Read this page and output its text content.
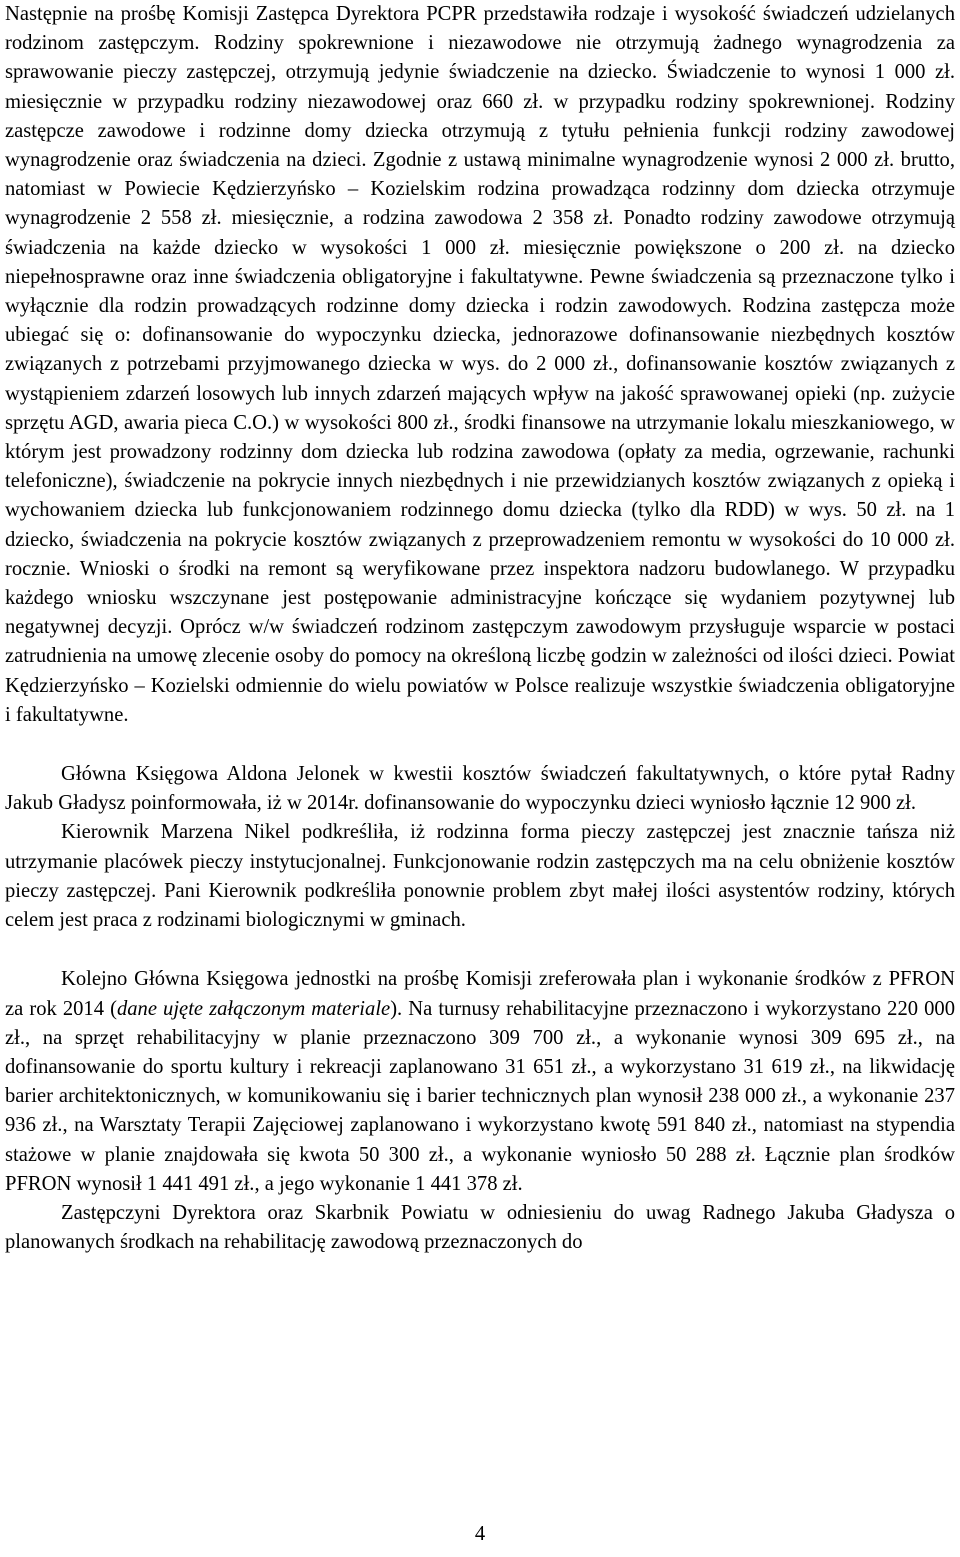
Następnie na prośbę Komisji Zastępca Dyrektora PCPR przedstawiła rodzaje i wysokość świadczeń udzielanych rodzinom zastępczym. Rodziny spokrewnione i niezawodowe nie otrzymują żadnego wynagrodzenia za sprawowanie pieczy zastępczej, otrzymują jedynie świadczenie na dziecko. Świadczenie to wynosi 1 000 zł. miesięcznie w przypadku rodziny niezawodowej oraz 660 zł. w przypadku rodziny spokrewnionej. Rodziny zastępcze zawodowe i rodzinne domy dziecka otrzymują z tytułu pełnienia funkcji rodziny zawodowej wynagrodzenie oraz świadczenia na dzieci. Zgodnie z ustawą minimalne wynagrodzenie wynosi 2 000 zł. brutto, natomiast w Powiecie Kędzierzyńsko – Kozielskim rodzina prowadząca rodzinny dom dziecka otrzymuje wynagrodzenie 2 558 zł. miesięcznie, a rodzina zawodowa 2 358 zł. Ponadto rodziny zawodowe otrzymują świadczenia na każde dziecko w wysokości 1 000 zł. miesięcznie powiększone o 200 zł. na dziecko niepełnosprawne oraz inne świadczenia obligatoryjne i fakultatywne. Pewne świadczenia są przeznaczone tylko i wyłącznie dla rodzin prowadzących rodzinne domy dziecka i rodzin zawodowych. Rodzina zastępcza może ubiegać się o: dofinansowanie do wypoczynku dziecka, jednorazowe dofinansowanie niezbędnych kosztów związanych z potrzebami przyjmowanego dziecka w wys. do 2 000 zł., dofinansowanie kosztów związanych z wystąpieniem zdarzeń losowych lub innych zdarzeń mających wpływ na jakość sprawowanej opieki (np. zużycie sprzętu AGD, awaria pieca C.O.) w wysokości 800 zł., środki finansowe na utrzymanie lokalu mieszkaniowego, w którym jest prowadzony rodzinny dom dziecka lub rodzina zawodowa (opłaty za media, ogrzewanie, rachunki telefoniczne), świadczenie na pokrycie innych niezbędnych i nie przewidzianych kosztów związanych z opieką i wychowaniem dziecka lub funkcjonowaniem rodzinnego domu dziecka (tylko dla RDD) w wys. 50 zł. na 1 dziecko, świadczenia na pokrycie kosztów związanych z przeprowadzeniem remontu w wysokości do 10 000 zł. rocznie. Wnioski o środki na remont są weryfikowane przez inspektora nadzoru budowlanego. W przypadku każdego wniosku wszczynane jest postępowanie administracyjne kończące się wydaniem pozytywnej lub negatywnej decyzji. Oprócz w/w świadczeń rodzinom zastępczym zawodowym przysługuje wsparcie w postaci zatrudnienia na umowę zlecenie osoby do pomocy na określoną liczbę godzin w zależności od ilości dzieci. Powiat Kędzierzyńsko – Kozielski odmiennie do wielu powiatów w Polsce realizuje wszystkie świadczenia obligatoryjne i fakultatywne.

Główna Księgowa Aldona Jelonek w kwestii kosztów świadczeń fakultatywnych, o które pytał Radny Jakub Gładysz poinformowała, iż w 2014r. dofinansowanie do wypoczynku dzieci wyniosło łącznie 12 900 zł.

Kierownik Marzena Nikel podkreśliła, iż rodzinna forma pieczy zastępczej jest znacznie tańsza niż utrzymanie placówek pieczy instytucjonalnej. Funkcjonowanie rodzin zastępczych ma na celu obniżenie kosztów pieczy zastępczej. Pani Kierownik podkreśliła ponownie problem zbyt małej ilości asystentów rodziny, których celem jest praca z rodzinami biologicznymi w gminach.

Kolejno Główna Księgowa jednostki na prośbę Komisji zreferowała plan i wykonanie środków z PFRON za rok 2014 (dane ujęte załączonym materiale). Na turnusy rehabilitacyjne przeznaczono i wykorzystano 220 000 zł., na sprzęt rehabilitacyjny w planie przeznaczono 309 700 zł., a wykonanie wynosi 309 695 zł., na dofinansowanie do sportu kultury i rekreacji zaplanowano 31 651 zł., a wykorzystano 31 619 zł., na likwidację barier architektonicznych, w komunikowaniu się i barier technicznych plan wynosił 238 000 zł., a wykonanie 237 936 zł., na Warsztaty Terapii Zajęciowej zaplanowano i wykorzystano kwotę 591 840 zł., natomiast na stypendia stażowe w planie znajdowała się kwota 50 300 zł., a wykonanie wyniosło 50 288 zł. Łącznie plan środków PFRON wynosił 1 441 491 zł., a jego wykonanie 1 441 378 zł.

Zastępczyni Dyrektora oraz Skarbnik Powiatu w odniesieniu do uwag Radnego Jakuba Gładysza o planowanych środkach na rehabilitację zawodową przeznaczonych do

4
